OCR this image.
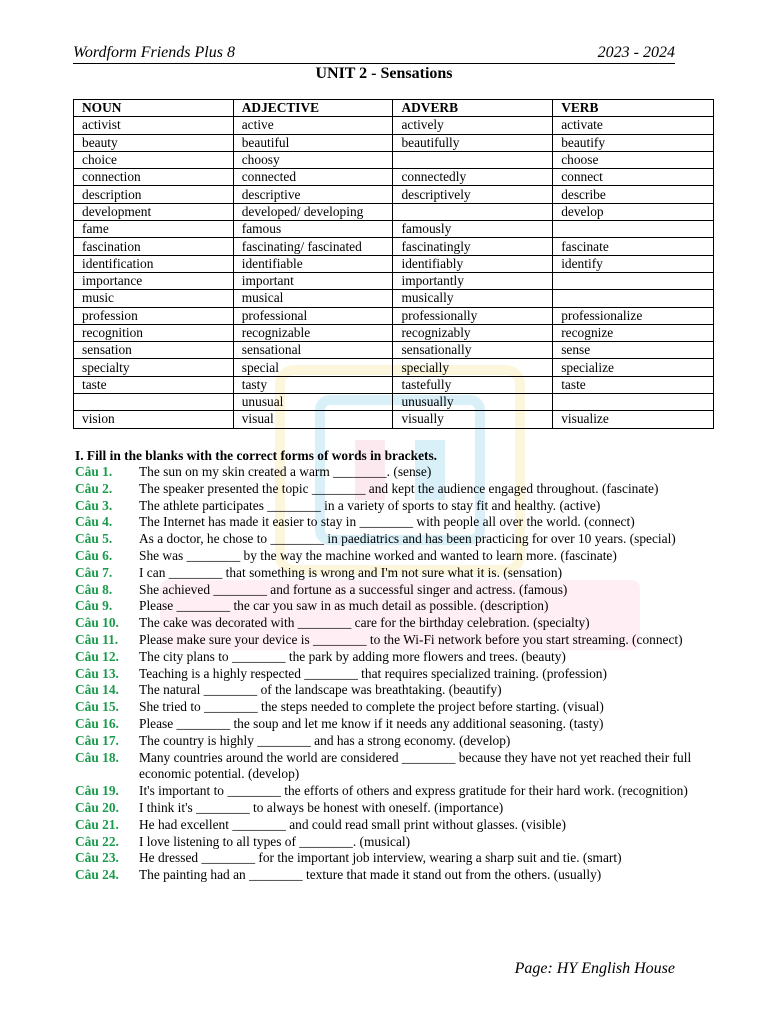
Wordform Friends Plus 8	2023 - 2024
UNIT 2 - Sensations
NOUN	ADJECTIVE	ADVERB	VERB
activist	active	actively	activate
beauty	beautiful	beautifully	beautify
choice	choosy		choose
connection	connected	connectedly	connect
description	descriptive	descriptively	describe
development	developed/ developing		develop
fame	famous	famously	
fascination	fascinating/ fascinated	fascinatingly	fascinate
identification	identifiable	identifiably	identify
importance	important	importantly	
music	musical	musically	
profession	professional	professionally	professionalize
recognition	recognizable	recognizably	recognize
sensation	sensational	sensationally	sense
specialty	special	specially	specialize
taste	tasty	tastefully	taste
	unusual	unusually	
vision	visual	visually	visualize
I. Fill in the blanks with the correct forms of words in brackets.
Câu 1.	The sun on my skin created a warm ________. (sense)
Câu 2.	The speaker presented the topic ________ and kept the audience engaged throughout. (fascinate)
Câu 3.	The athlete participates ________ in a variety of sports to stay fit and healthy. (active)
Câu 4.	The Internet has made it easier to stay in ________ with people all over the world. (connect)
Câu 5.	As a doctor, he chose to ________ in paediatrics and has been practicing for over 10 years. (special)
Câu 6.	She was ________ by the way the machine worked and wanted to learn more. (fascinate)
Câu 7.	I can ________ that something is wrong and I'm not sure what it is. (sensation)
Câu 8.	She achieved ________ and fortune as a successful singer and actress. (famous)
Câu 9.	Please ________ the car you saw in as much detail as possible. (description)
Câu 10.	The cake was decorated with ________ care for the birthday celebration. (specialty)
Câu 11.	Please make sure your device is ________ to the Wi-Fi network before you start streaming. (connect)
Câu 12.	The city plans to ________ the park by adding more flowers and trees. (beauty)
Câu 13.	Teaching is a highly respected ________ that requires specialized training. (profession)
Câu 14.	The natural ________ of the landscape was breathtaking. (beautify)
Câu 15.	She tried to ________ the steps needed to complete the project before starting. (visual)
Câu 16.	Please ________ the soup and let me know if it needs any additional seasoning. (tasty)
Câu 17.	The country is highly ________ and has a strong economy. (develop)
Câu 18.	Many countries around the world are considered ________ because they have not yet reached their full economic potential. (develop)
Câu 19.	It's important to ________ the efforts of others and express gratitude for their hard work. (recognition)
Câu 20.	I think it's ________ to always be honest with oneself. (importance)
Câu 21.	He had excellent ________ and could read small print without glasses. (visible)
Câu 22.	I love listening to all types of ________. (musical)
Câu 23.	He dressed ________ for the important job interview, wearing a sharp suit and tie. (smart)
Câu 24.	The painting had an ________ texture that made it stand out from the others. (usually)
Page: HY English House
